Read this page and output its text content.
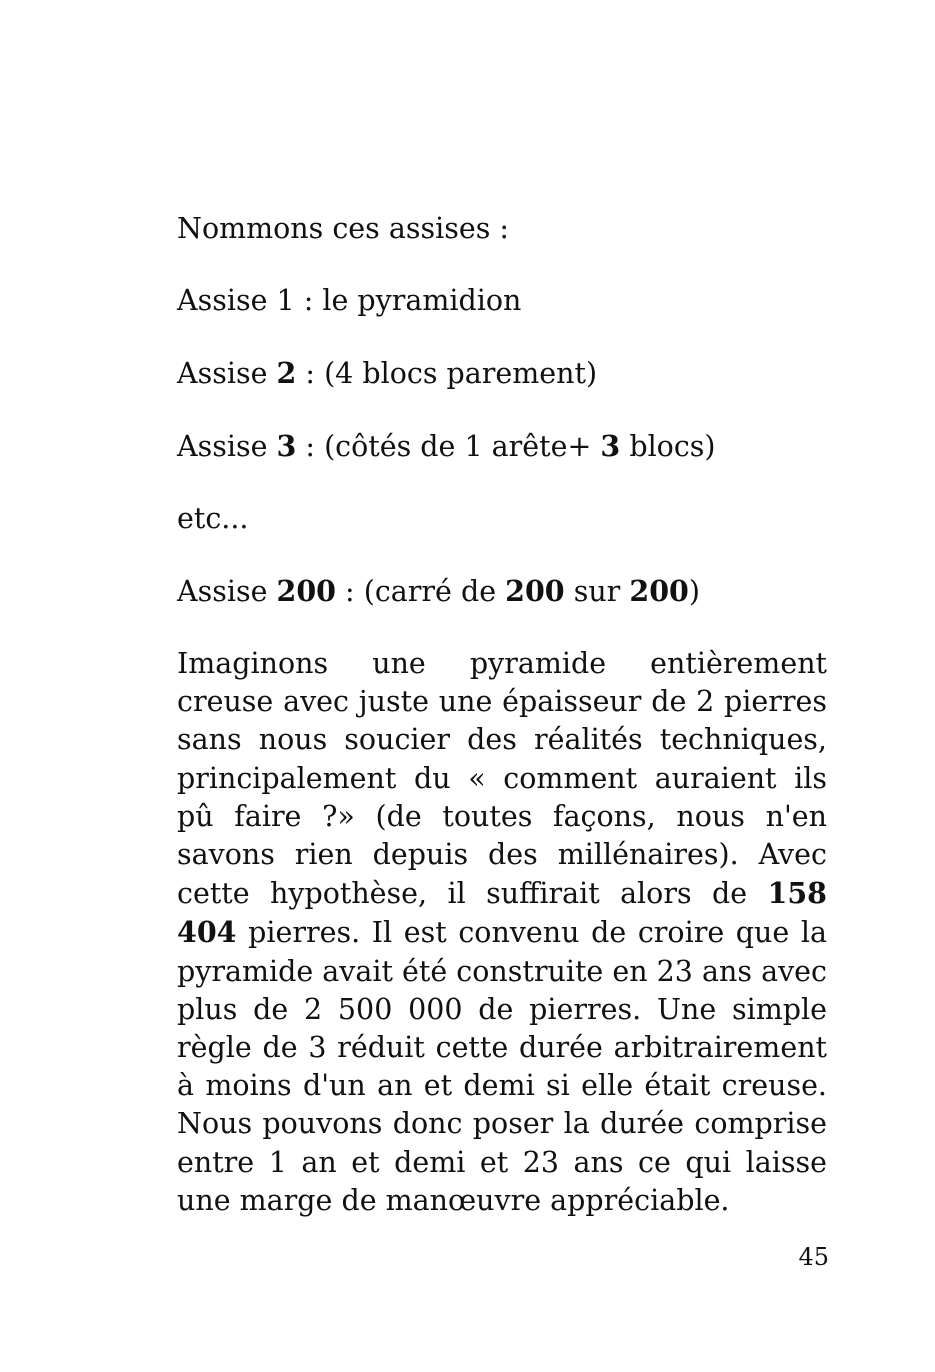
Nommons ces assises :

Assise 1 : le pyramidion

Assise 2 : (4 blocs parement)

Assise 3 : (côtés de 1 arête+ 3 blocs)

etc...

Assise 200 : (carré de 200 sur 200)

Imaginons une pyramide entièrement creuse avec juste une épaisseur de 2 pierres sans nous soucier des réalités techniques, principalement du « comment auraient ils pû faire ?» (de toutes façons, nous n'en savons rien depuis des millénaires). Avec cette hypothèse, il suffirait alors de 158 404 pierres. Il est convenu de croire que la pyramide avait été construite en 23 ans avec plus de 2 500 000 de pierres. Une simple règle de 3 réduit cette durée arbitrairement à moins d'un an et demi si elle était creuse. Nous pouvons donc poser la durée comprise entre 1 an et demi et 23 ans ce qui laisse une marge de manœuvre appréciable.

45
